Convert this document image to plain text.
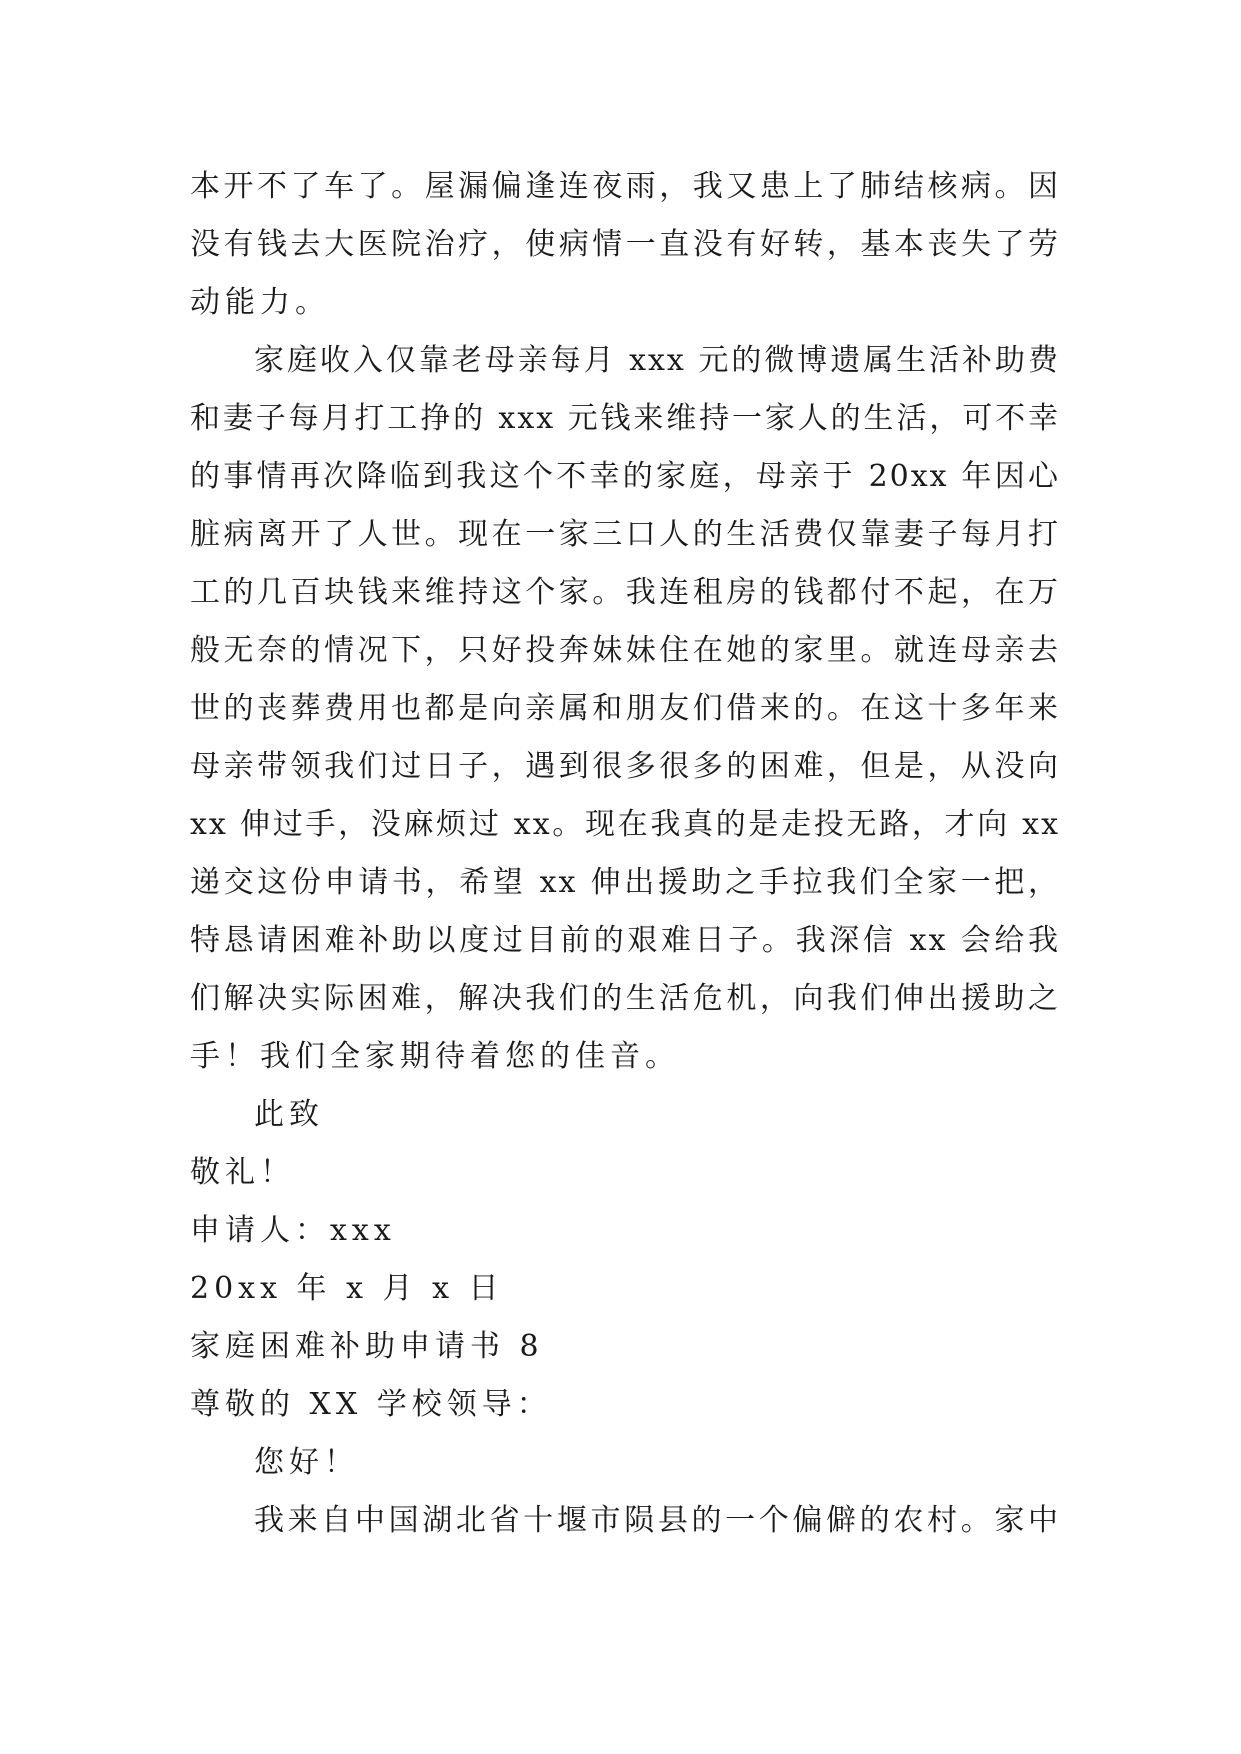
本开不了车了。屋漏偏逢连夜雨，我又患上了肺结核病。因
没有钱去大医院治疗，使病情一直没有好转，基本丧失了劳
动能力。
家庭收入仅靠老母亲每月 xxx 元的微博遗属生活补助费
和妻子每月打工挣的 xxx 元钱来维持一家人的生活，可不幸
的事情再次降临到我这个不幸的家庭，母亲于 20xx 年因心
脏病离开了人世。现在一家三口人的生活费仅靠妻子每月打
工的几百块钱来维持这个家。我连租房的钱都付不起，在万
般无奈的情况下，只好投奔妹妹住在她的家里。就连母亲去
世的丧葬费用也都是向亲属和朋友们借来的。在这十多年来
母亲带领我们过日子，遇到很多很多的困难，但是，从没向
xx 伸过手，没麻烦过 xx。现在我真的是走投无路，才向 xx
递交这份申请书，希望 xx 伸出援助之手拉我们全家一把，
特恳请困难补助以度过目前的艰难日子。我深信 xx 会给我
们解决实际困难，解决我们的生活危机，向我们伸出援助之
手！我们全家期待着您的佳音。
此致
敬礼！
申请人：xxx
20xx 年 x 月 x 日
家庭困难补助申请书 8
尊敬的 XX 学校领导：
您好！
我来自中国湖北省十堰市陨县的一个偏僻的农村。家中
